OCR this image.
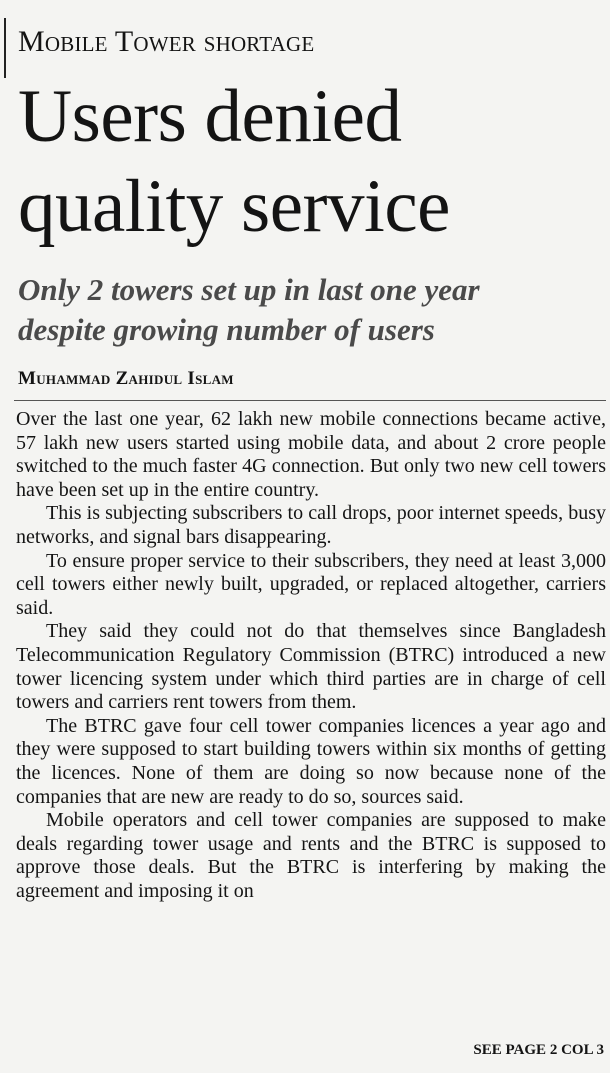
Mobile Tower shortage
Users denied
quality service
Only 2 towers set up in last one year
despite growing number of users
Muhammad Zahidul Islam

Over the last one year, 62 lakh new mobile connections became active, 57 lakh new users started using mobile data, and about 2 crore people switched to the much faster 4G connection. But only two new cell towers have been set up in the entire country.

This is subjecting subscribers to call drops, poor internet speeds, busy networks, and signal bars disappearing.

To ensure proper service to their subscribers, they need at least 3,000 cell towers either newly built, upgraded, or replaced altogether, carriers said.

They said they could not do that themselves since Bangladesh Telecommunication Regulatory Commission (BTRC) introduced a new tower licencing system under which third parties are in charge of cell towers and carriers rent towers from them.

The BTRC gave four cell tower companies licences a year ago and they were supposed to start building towers within six months of getting the licences. None of them are doing so now because none of the companies that are new are ready to do so, sources said.

Mobile operators and cell tower companies are supposed to make deals regarding tower usage and rents and the BTRC is supposed to approve those deals. But the BTRC is interfering by making the agreement and imposing it on

SEE PAGE 2 COL 3
